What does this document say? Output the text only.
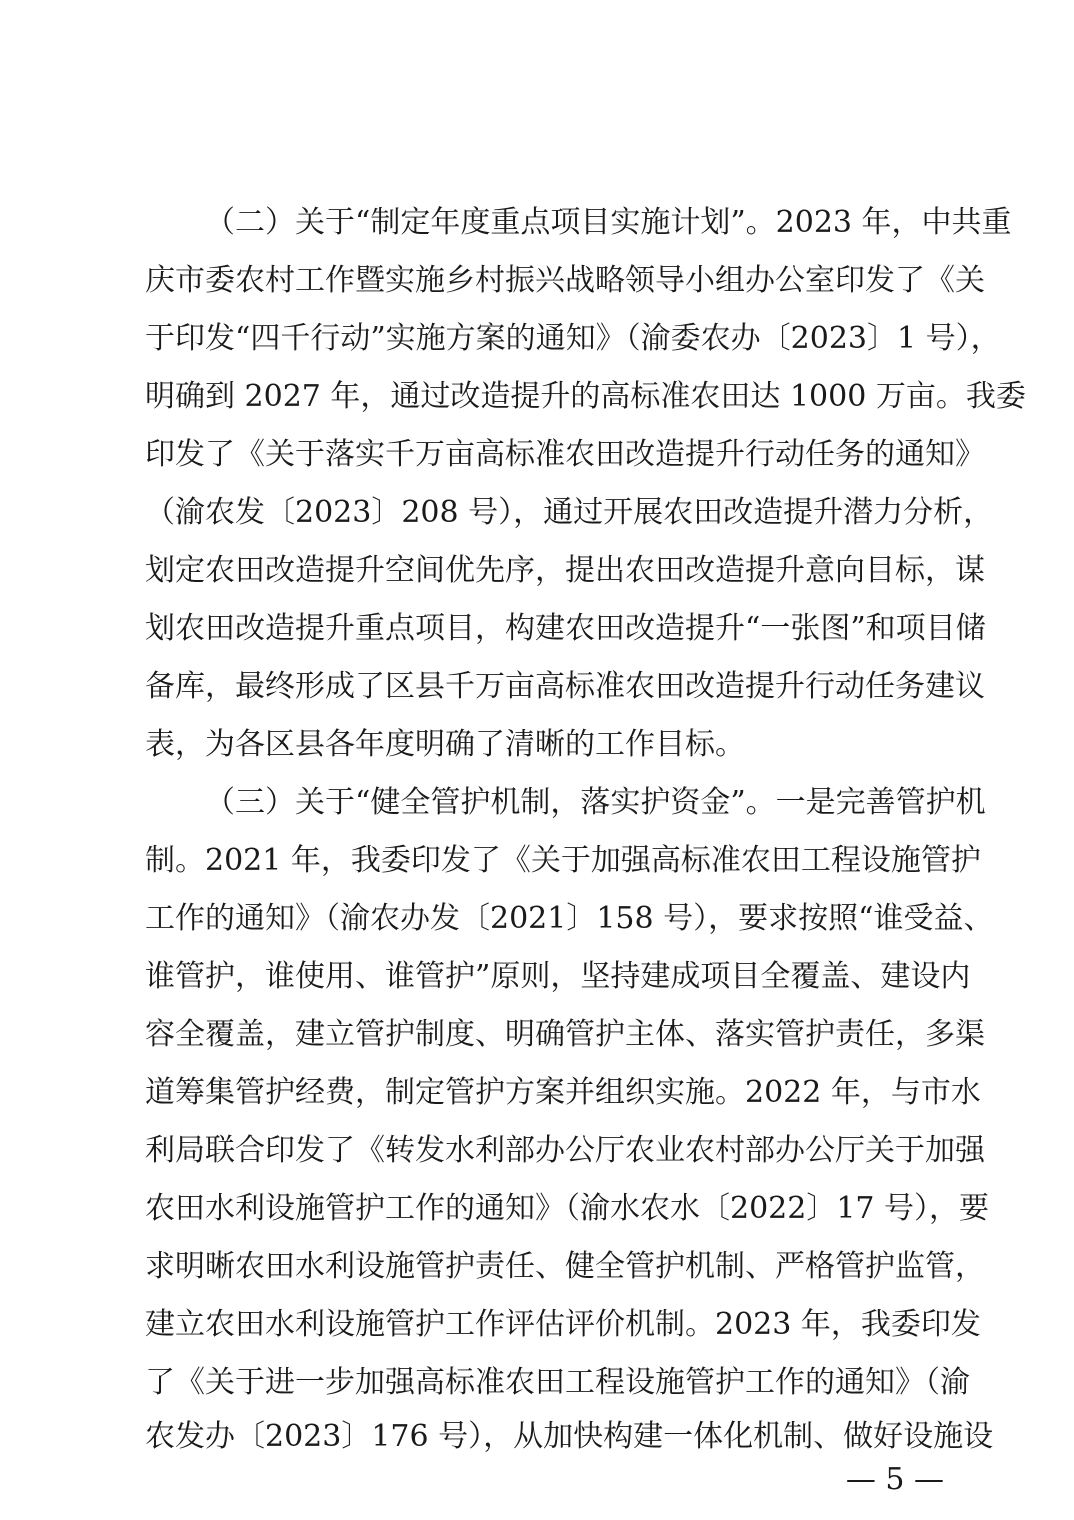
（二）关于“制定年度重点项目实施计划”。2023 年，中共重
庆市委农村工作暨实施乡村振兴战略领导小组办公室印发了《关
于印发“四千行动”实施方案的通知》（渝委农办〔2023〕1 号），
明确到 2027 年，通过改造提升的高标准农田达 1000 万亩。我委
印发了《关于落实千万亩高标准农田改造提升行动任务的通知》
（渝农发〔2023〕208 号），通过开展农田改造提升潜力分析，
划定农田改造提升空间优先序，提出农田改造提升意向目标，谋
划农田改造提升重点项目，构建农田改造提升“一张图”和项目储
备库，最终形成了区县千万亩高标准农田改造提升行动任务建议
表，为各区县各年度明确了清晰的工作目标。
（三）关于“健全管护机制，落实护资金”。一是完善管护机
制。2021 年，我委印发了《关于加强高标准农田工程设施管护
工作的通知》（渝农办发〔2021〕158 号），要求按照“谁受益、
谁管护，谁使用、谁管护”原则，坚持建成项目全覆盖、建设内
容全覆盖，建立管护制度、明确管护主体、落实管护责任，多渠
道筹集管护经费，制定管护方案并组织实施。2022 年，与市水
利局联合印发了《转发水利部办公厅农业农村部办公厅关于加强
农田水利设施管护工作的通知》（渝水农水〔2022〕17 号），要
求明晰农田水利设施管护责任、健全管护机制、严格管护监管，
建立农田水利设施管护工作评估评价机制。2023 年，我委印发
了《关于进一步加强高标准农田工程设施管护工作的通知》（渝
农发办〔2023〕176 号），从加快构建一体化机制、做好设施设
— 5 —
